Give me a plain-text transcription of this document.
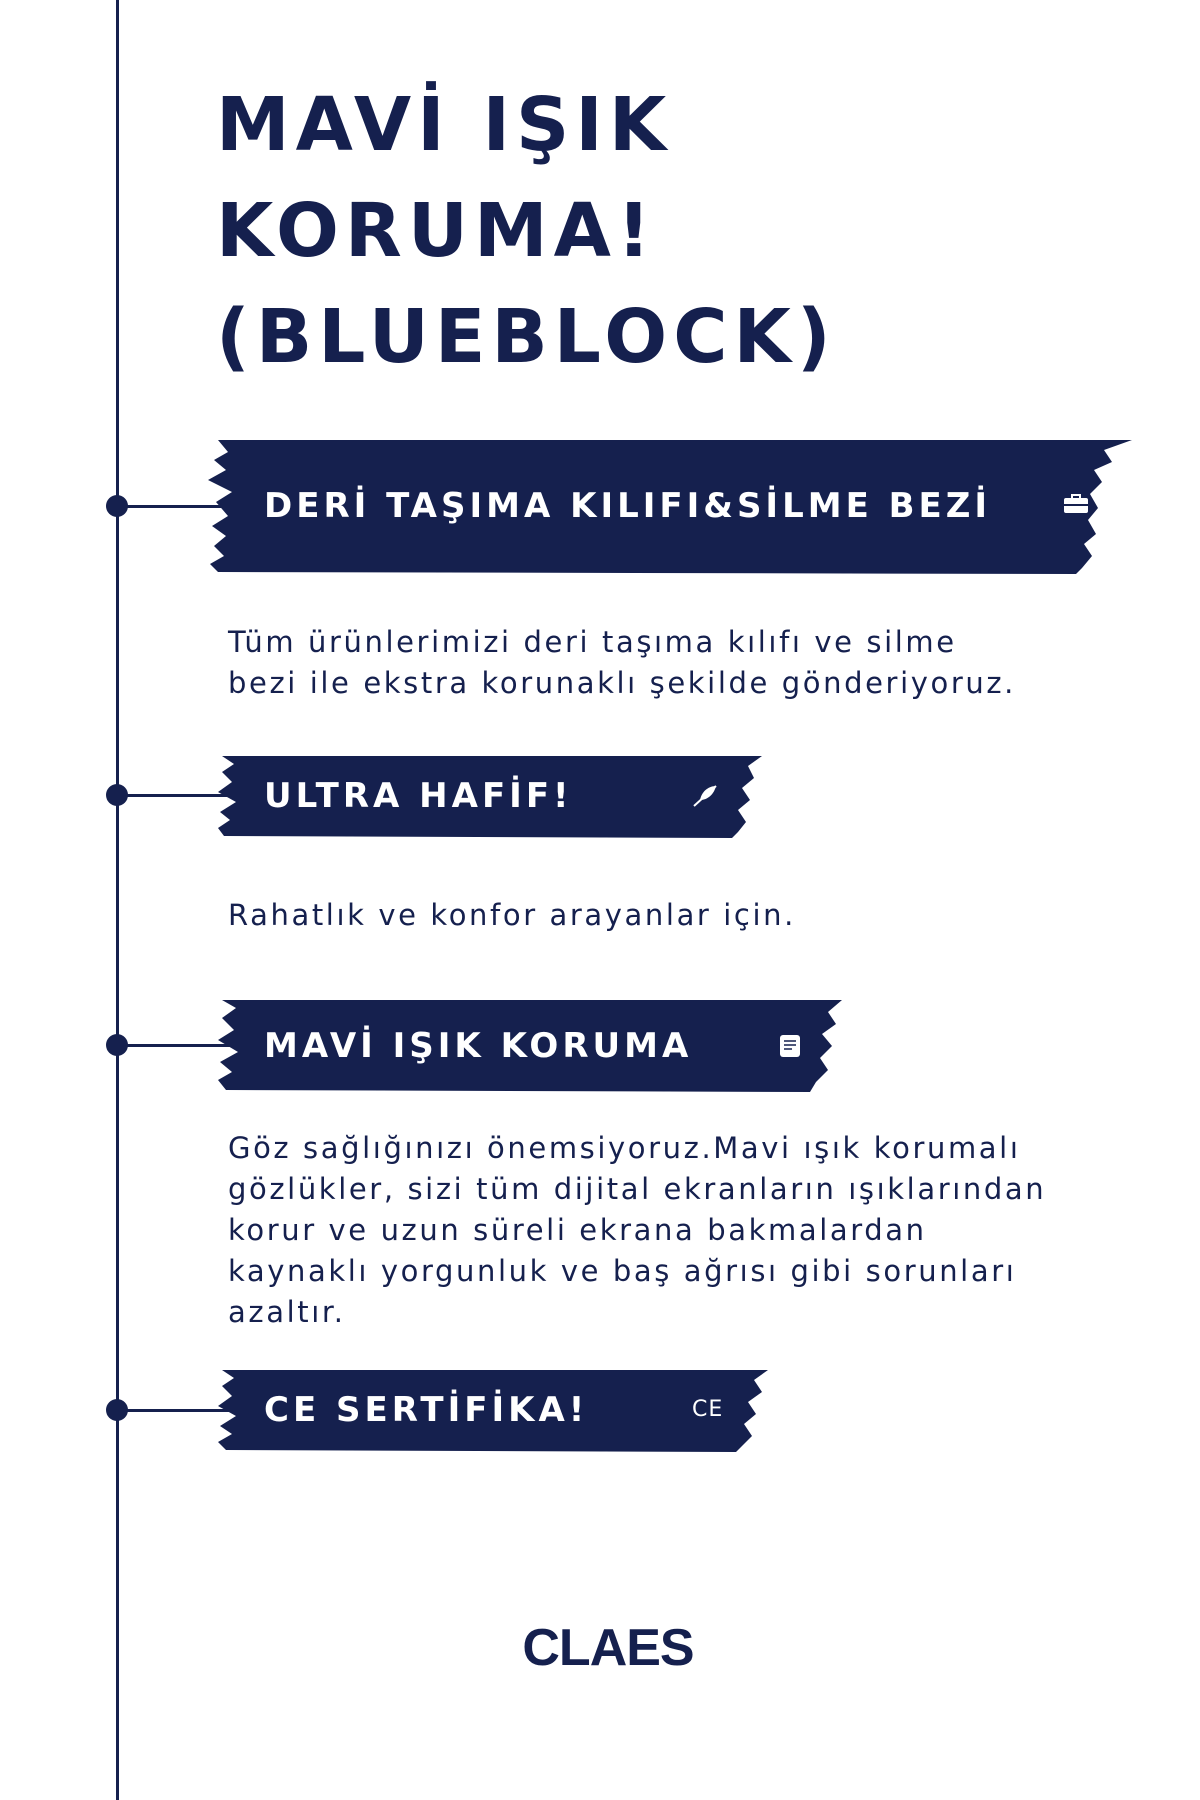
MAVİ IŞIK
KORUMA!
(BLUEBLOCK)
DERİ TAŞIMA KILIFI&SİLME BEZİ

Tüm ürünlerimizi deri taşıma kılıfı ve silme
bezi ile ekstra korunaklı şekilde gönderiyoruz.

ULTRA HAFİF!

Rahatlık ve konfor arayanlar için.

MAVİ IŞIK KORUMA

Göz sağlığınızı önemsiyoruz.Mavi ışık korumalı
gözlükler, sizi tüm dijital ekranların ışıklarından
korur ve uzun süreli ekrana bakmalardan
kaynaklı yorgunluk ve baş ağrısı gibi sorunları
azaltır.

CE SERTİFİKA!	CE
CLAES
